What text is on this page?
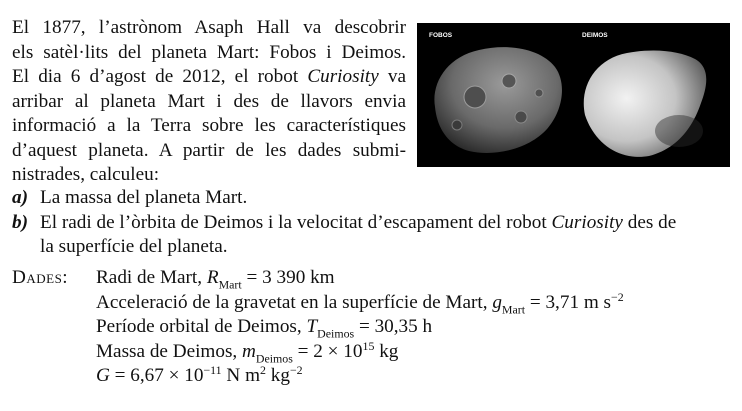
El 1877, l’astrònom Asaph Hall va descobrir

els satèl·lits del planeta Mart: Fobos i Deimos.

El dia 6 d’agost de 2012, el robot Curiosity va

arribar al planeta Mart i des de llavors envia

informació a la Terra sobre les característiques

d’aquest planeta. A partir de les dades submi-

nistrades, calculeu:

FOBOS	DEIMOS
a) La massa del planeta Mart.
b) El radi de l’òrbita de Deimos i la velocitat d’escapament del robot Curiosity des de
la superfície del planeta.
Dades: Radi de Mart, $R_{Mart} = 3$ 390 km
Acceleració de la gravetat en la superfície de Mart, $g_{Mart} = 3,71$ m $s^{-2}$
Període orbital de Deimos, $T_{Deimos} = 30,35$ h
Massa de Deimos, $m_{Deimos} = 2 \times 10^{15}$ kg
$G = 6,67 \times 10^{-11}$ N $m^2$ $kg^{-2}$
